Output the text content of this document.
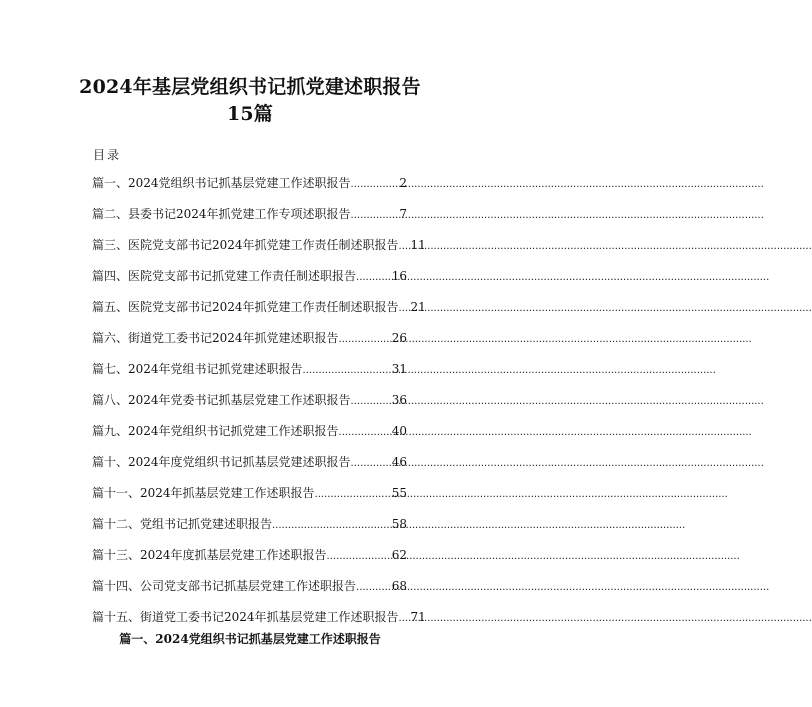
2024年基层党组织书记抓党建述职报告15篇
目录
篇一、2024党组织书记抓基层党建工作述职报告 .....	2
篇二、县委书记2024年抓党建工作专项述职报告 .....	7
篇三、医院党支部书记2024年抓党建工作责任制述职报告 ..... 11
篇四、医院党支部书记抓党建工作责任制述职报告 .....	16
篇五、医院党支部书记2024年抓党建工作责任制述职报告 ..... 21
篇六、街道党工委书记2024年抓党建述职报告 .....	26
篇七、2024年党组书记抓党建述职报告 .....	31
篇八、2024年党委书记抓基层党建工作述职报告 .....	36
篇九、2024年党组织书记抓党建工作述职报告 .....	40
篇十、2024年度党组织书记抓基层党建述职报告 .....	46
篇十一、2024年抓基层党建工作述职报告 .....	55
篇十二、党组书记抓党建述职报告 .....	58
篇十三、2024年度抓基层党建工作述职报告 .....	62
篇十四、公司党支部书记抓基层党建工作述职报告 .....	68
篇十五、街道党工委书记2024年抓基层党建工作述职报告 ..... 71
篇一、2024党组织书记抓基层党建工作述职报告
